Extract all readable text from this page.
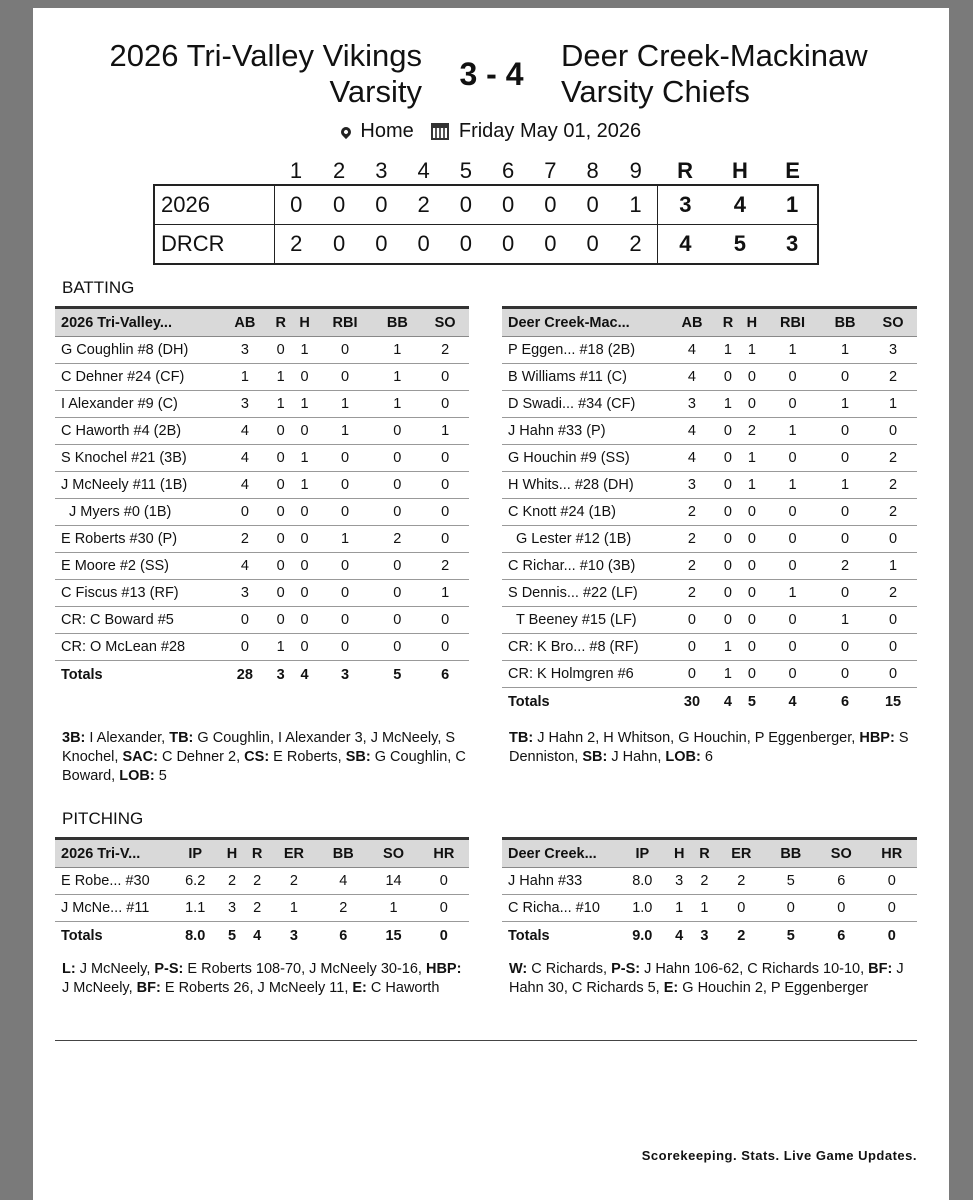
2026 Tri-Valley Vikings
Varsity	3 - 4
Deer Creek-Mackinaw
Varsity Chiefs
Home Friday May 01, 2026
	1	2	3	4	5	6	7	8	9	R	H	E
2026	0	0	0	2	0	0	0	0	1	3	4	1
DRCR	2	0	0	0	0	0	0	0	2	4	5	3
BATTING
2026 Tri-Valley...	AB	R	H	RBI	BB	SO
G Coughlin #8 (DH)	3	0	1	0	1	2
C Dehner #24 (CF)	1	1	0	0	1	0
I Alexander #9 (C)	3	1	1	1	1	0
C Haworth #4 (2B)	4	0	0	1	0	1
S Knochel #21 (3B)	4	0	1	0	0	0
J McNeely #11 (1B)	4	0	1	0	0	0
J Myers #0 (1B)	0	0	0	0	0	0
E Roberts #30 (P)	2	0	0	1	2	0
E Moore #2 (SS)	4	0	0	0	0	2
C Fiscus #13 (RF)	3	0	0	0	0	1
CR: C Boward #5	0	0	0	0	0	0
CR: O McLean #28	0	1	0	0	0	0
Totals	28	3	4	3	5	6
Deer Creek-Mac...	AB	R	H	RBI	BB	SO
P Eggen... #18 (2B)	4	1	1	1	1	3
B Williams #11 (C)	4	0	0	0	0	2
D Swadi... #34 (CF)	3	1	0	0	1	1
J Hahn #33 (P)	4	0	2	1	0	0
G Houchin #9 (SS)	4	0	1	0	0	2
H Whits... #28 (DH)	3	0	1	1	1	2
C Knott #24 (1B)	2	0	0	0	0	2
G Lester #12 (1B)	2	0	0	0	0	0
C Richar... #10 (3B)	2	0	0	0	2	1
S Dennis... #22 (LF)	2	0	0	1	0	2
T Beeney #15 (LF)	0	0	0	0	1	0
CR: K Bro... #8 (RF)	0	1	0	0	0	0
CR: K Holmgren #6	0	1	0	0	0	0
Totals	30	4	5	4	6	15
3B: I Alexander, TB: G Coughlin, I Alexander 3, J McNeely, S Knochel, SAC: C Dehner 2, CS: E Roberts, SB: G Coughlin, C Boward, LOB: 5
TB: J Hahn 2, H Whitson, G Houchin, P Eggenberger, HBP: S Denniston, SB: J Hahn, LOB: 6
PITCHING
2026 Tri-V...	IP	H	R	ER	BB	SO	HR
E Robe... #30	6.2	2	2	2	4	14	0
J McNe... #11	1.1	3	2	1	2	1	0
Totals	8.0	5	4	3	6	15	0
Deer Creek...	IP	H	R	ER	BB	SO	HR
J Hahn #33	8.0	3	2	2	5	6	0
C Richa... #10	1.0	1	1	0	0	0	0
Totals	9.0	4	3	2	5	6	0
L: J McNeely, P-S: E Roberts 108-70, J McNeely 30-16, HBP: J McNeely, BF: E Roberts 26, J McNeely 11, E: C Haworth
W: C Richards, P-S: J Hahn 106-62, C Richards 10-10, BF: J Hahn 30, C Richards 5, E: G Houchin 2, P Eggenberger
Scorekeeping. Stats. Live Game Updates.
